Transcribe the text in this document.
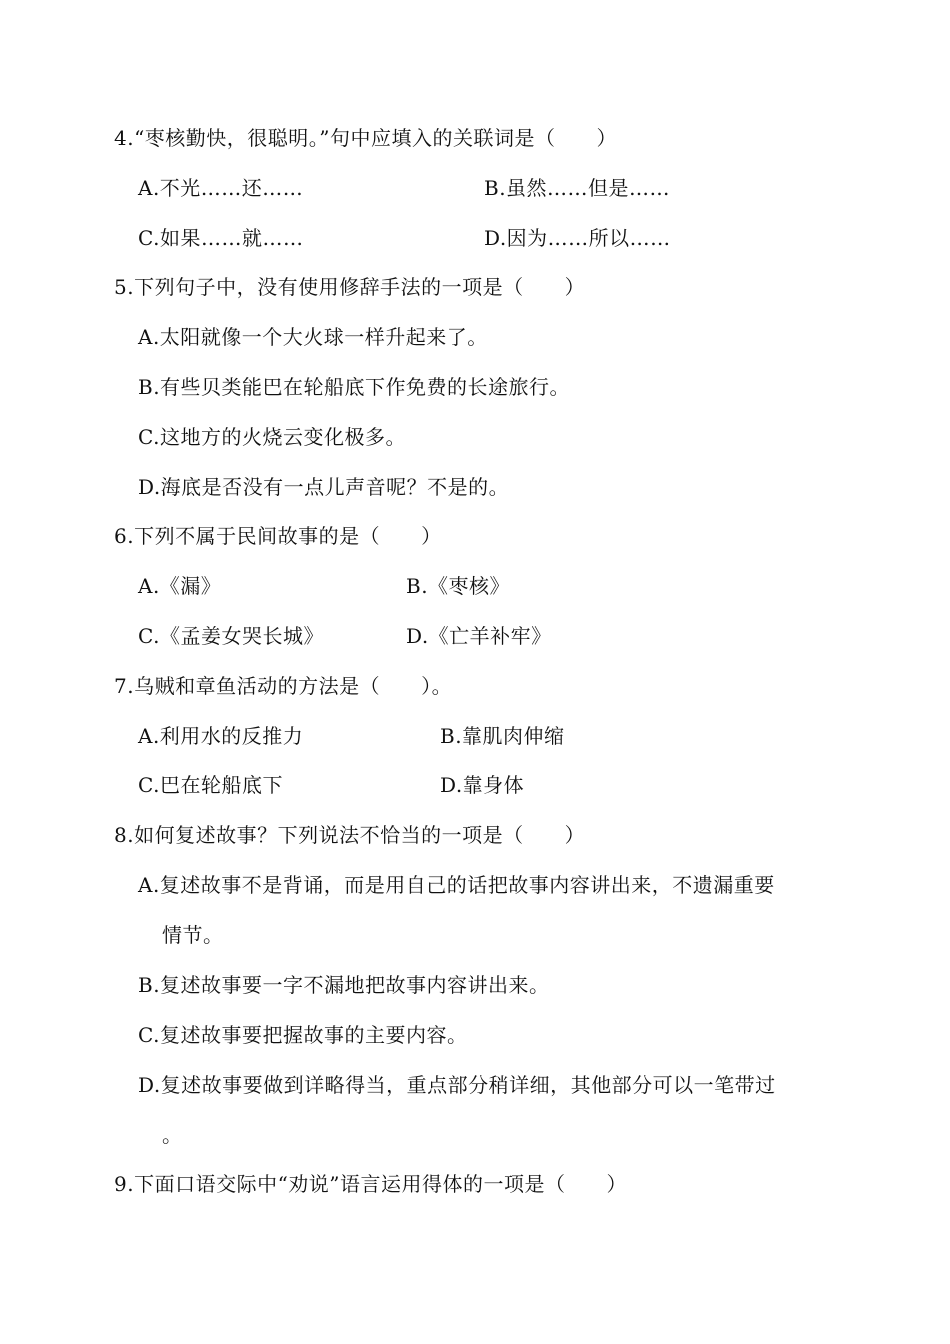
4.“枣核勤快，很聪明。”句中应填入的关联词是（　　）
A.不光……还……	B.虽然……但是……
C.如果……就……	D.因为……所以……
5.下列句子中，没有使用修辞手法的一项是（　　）
A.太阳就像一个大火球一样升起来了。
B.有些贝类能巴在轮船底下作免费的长途旅行。
C.这地方的火烧云变化极多。
D.海底是否没有一点儿声音呢？不是的。
6.下列不属于民间故事的是（　　）
A.《漏》	B.《枣核》
C.《孟姜女哭长城》	D.《亡羊补牢》
7.乌贼和章鱼活动的方法是（　　）。
A.利用水的反推力	B.靠肌肉伸缩
C.巴在轮船底下	D.靠身体
8.如何复述故事？下列说法不恰当的一项是（　　）
A.复述故事不是背诵，而是用自己的话把故事内容讲出来，不遗漏重要
情节。
B.复述故事要一字不漏地把故事内容讲出来。
C.复述故事要把握故事的主要内容。
D.复述故事要做到详略得当，重点部分稍详细，其他部分可以一笔带过
。
9.下面口语交际中“劝说”语言运用得体的一项是（　　）
